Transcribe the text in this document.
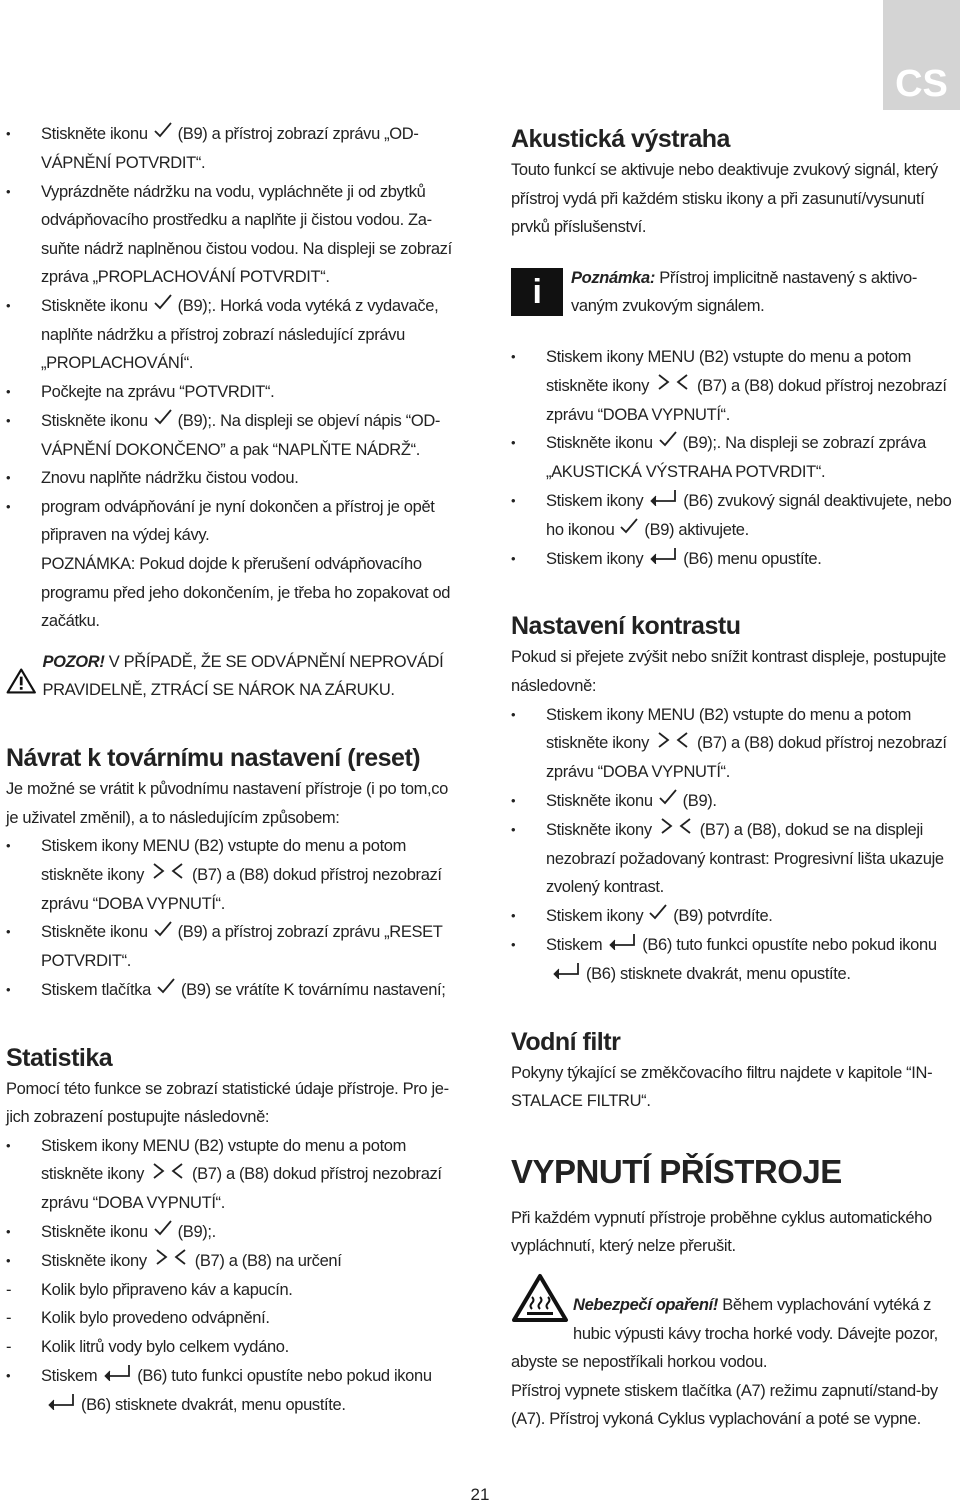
CS
• Stiskněte ikonu (B9) a přístroj zobrazí zprávu „ODVÁPNĚNÍ POTVRDIT“.
• Vyprázdněte nádržku na vodu, vypláchněte ji od zbytků odvápňovacího prostředku a naplňte ji čistou vodou. Zasuňte nádrž naplněnou čistou vodou. Na displeji se zobrazí zpráva „PROPLACHOVÁNÍ POTVRDIT“.
• Stiskněte ikonu (B9);. Horká voda vytéká z vydavače, naplňte nádržku a přístroj zobrazí následující zprávu „PROPLACHOVÁNÍ“.
• Počkejte na zprávu “POTVRDIT“.
• Stiskněte ikonu (B9);. Na displeji se objeví nápis “ODVÁPNĚNÍ DOKONČENO” a pak “NAPLŇTE NÁDRŽ“.
• Znovu naplňte nádržku čistou vodou.
• program odvápňování je nyní dokončen a přístroj je opět připraven na výdej kávy.
POZNÁMKA: Pokud dojde k přerušení odvápňovacího programu před jeho dokončením, je třeba ho zopakovat od začátku.
POZOR! V PŘÍPADĚ, ŽE SE ODVÁPNĚNÍ NEPROVÁDÍ PRAVIDELNĚ, ZTRÁCÍ SE NÁROK NA ZÁRUKU.
Návrat k továrnímu nastavení (reset)
Je možné se vrátit k původnímu nastavení přístroje (i po tom,co je uživatel změnil), a to následujícím způsobem:
• Stiskem ikony MENU (B2) vstupte do menu a potom stiskněte ikony	(B7) a (B8) dokud přístroj nezobrazí zprávu “DOBA VYPNUTÍ“.
• Stiskněte ikonu (B9) a přístroj zobrazí zprávu „RESET POTVRDIT“.
• Stiskem tlačítka (B9) se vrátíte K továrnímu nastavení;
Statistika
Pomocí této funkce se zobrazí statistické údaje přístroje. Pro jejich zobrazení postupujte následovně:
• Stiskem ikony MENU (B2) vstupte do menu a potom stiskněte ikony	(B7) a (B8) dokud přístroj nezobrazí zprávu “DOBA VYPNUTÍ“.
• Stiskněte ikonu (B9);.
• Stiskněte ikony	(B7) a (B8) na určení
- Kolik bylo připraveno káv a kapucín.
- Kolik bylo provedeno odvápnění.
- Kolik litrů vody bylo celkem vydáno.
• Stiskem (B6) tuto funkci opustíte nebo pokud ikonu
(B6) stisknete dvakrát, menu opustíte.
Akustická výstraha
Touto funkcí se aktivuje nebo deaktivuje zvukový signál, který přístroj vydá při každém stisku ikony a při zasunutí/vysunutí prvků příslušenství.
i	Poznámka: Přístroj implicitně nastavený s aktivovaným zvukovým signálem.
• Stiskem ikony MENU (B2) vstupte do menu a potom stiskněte ikony	(B7) a (B8) dokud přístroj nezobrazí zprávu “DOBA VYPNUTÍ“.
• Stiskněte ikonu (B9);. Na displeji se zobrazí zpráva „AKUSTICKÁ VÝSTRAHA POTVRDIT“.
• Stiskem ikony (B6) zvukový signál deaktivujete, nebo ho ikonou (B9) aktivujete.
• Stiskem ikony (B6) menu opustíte.
Nastavení kontrastu
Pokud si přejete zvýšit nebo snížit kontrast displeje, postupujte následovně:
• Stiskem ikony MENU (B2) vstupte do menu a potom stiskněte ikony	(B7) a (B8) dokud přístroj nezobrazí zprávu “DOBA VYPNUTÍ“.
• Stiskněte ikonu (B9).
• Stiskněte ikony	(B7) a (B8), dokud se na displeji nezobrazí požadovaný kontrast: Progresivní lišta ukazuje zvolený kontrast.
• Stiskem ikony (B9) potvrdíte.
• Stiskem (B6) tuto funkci opustíte nebo pokud ikonu(B6) stisknete dvakrát, menu opustíte.
Vodní filtr
Pokyny týkající se změkčovacího filtru najdete v kapitole “INSTALACE FILTRU“.
VYPNUTÍ PŘÍSTROJE
Při každém vypnutí přístroje proběhne cyklus automatického vypláchnutí, který nelze přerušit.
Nebezpečí opaření! Během vyplachování vytéká z hubic výpusti kávy trocha horké vody. Dávejte pozor, abyste se nepostříkali horkou vodou.
Přístroj vypnete stiskem tlačítka (A7) režimu zapnutí/stand-by (A7). Přístroj vykoná Cyklus vyplachování a poté se vypne.
21
